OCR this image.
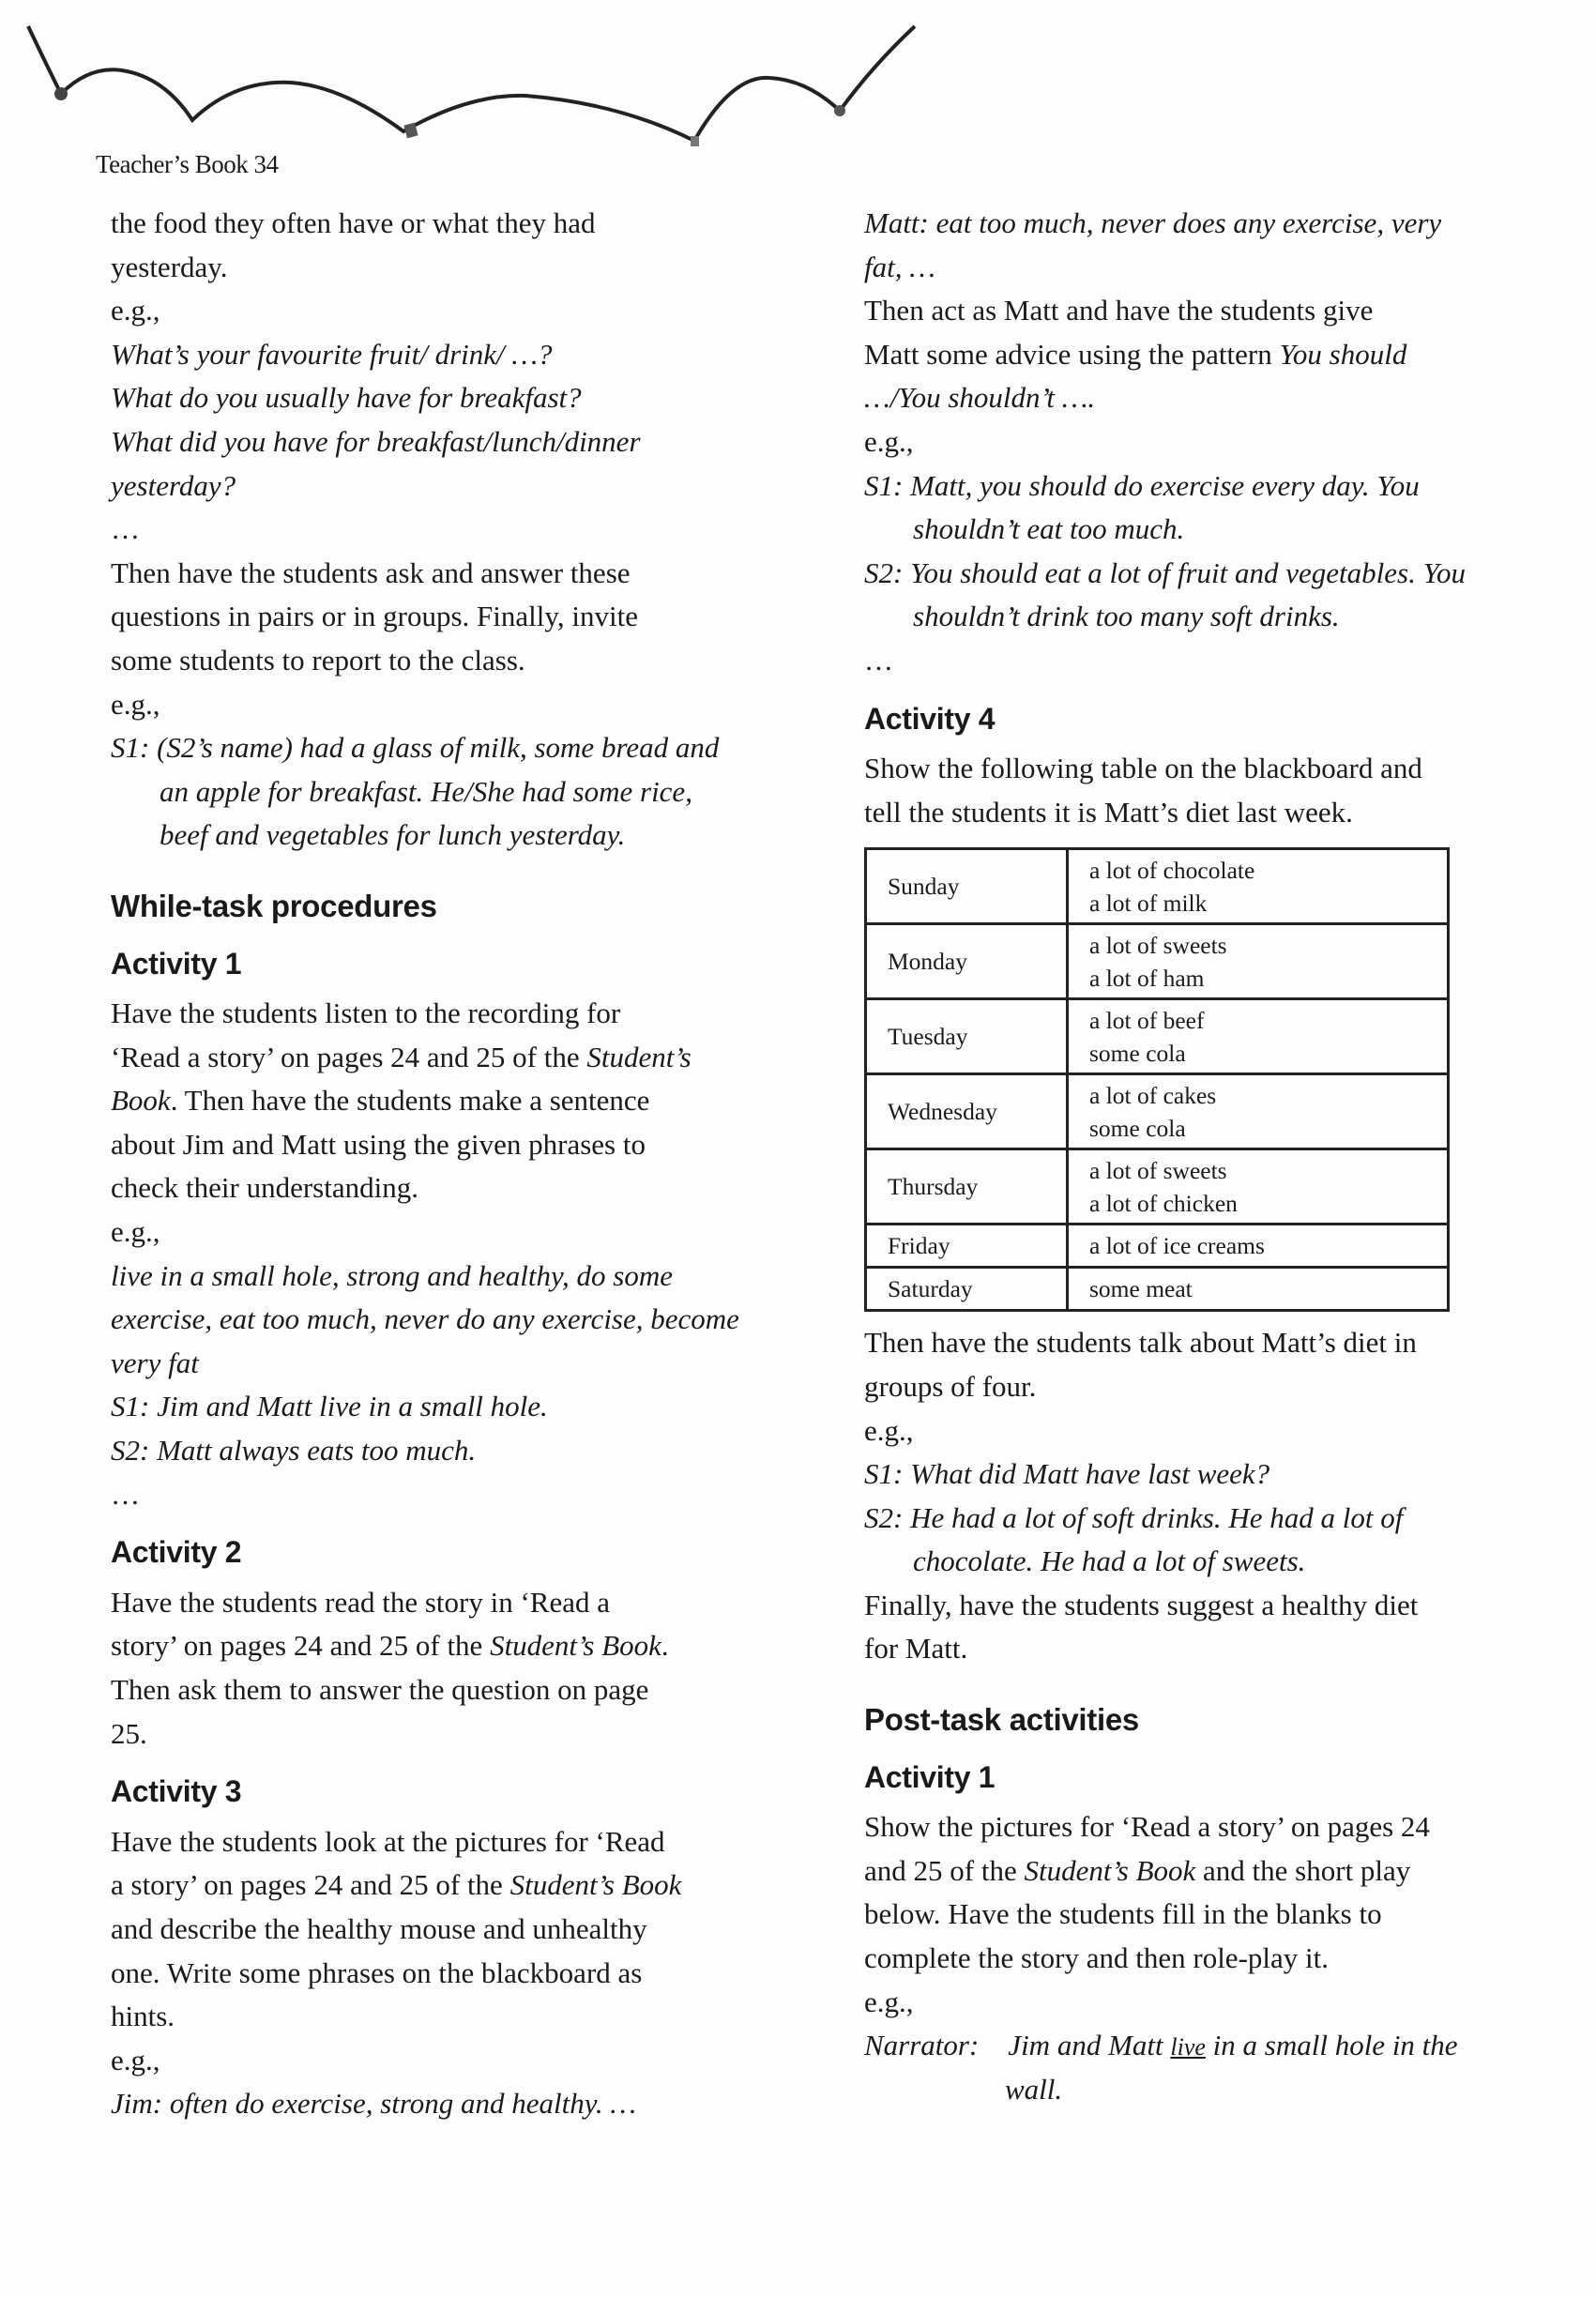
Teacher’s Book 34
the food they often have or what they had
yesterday.
e.g.,
What’s your favourite fruit/ drink/ …?
What do you usually have for breakfast?
What did you have for breakfast/lunch/dinner
yesterday?
…
Then have the students ask and answer these
questions in pairs or in groups. Finally, invite
some students to report to the class.
e.g.,
S1: (S2’s name) had a glass of milk, some bread and
an apple for breakfast. He/She had some rice,
beef and vegetables for lunch yesterday.
While-task procedures
Activity 1
Have the students listen to the recording for
‘Read a story’ on pages 24 and 25 of the Student’s
Book. Then have the students make a sentence
about Jim and Matt using the given phrases to
check their understanding.
e.g.,
live in a small hole, strong and healthy, do some
exercise, eat too much, never do any exercise, become
very fat
S1: Jim and Matt live in a small hole.
S2: Matt always eats too much.
…
Activity 2
Have the students read the story in ‘Read a
story’ on pages 24 and 25 of the Student’s Book.
Then ask them to answer the question on page
25.
Activity 3
Have the students look at the pictures for ‘Read
a story’ on pages 24 and 25 of the Student’s Book
and describe the healthy mouse and unhealthy
one. Write some phrases on the blackboard as
hints.
e.g.,
Jim: often do exercise, strong and healthy. …
Matt: eat too much, never does any exercise, very
fat, …
Then act as Matt and have the students give
Matt some advice using the pattern You should
…/You shouldn’t ….
e.g.,
S1: Matt, you should do exercise every day. You
shouldn’t eat too much.
S2: You should eat a lot of fruit and vegetables. You
shouldn’t drink too many soft drinks.
…
Activity 4
Show the following table on the blackboard and
tell the students it is Matt’s diet last week.
Sunday	a lot of chocolate
a lot of milk

Monday	a lot of sweets
a lot of ham

Tuesday	a lot of beef
some cola

Wednesday	a lot of cakes
some cola

Thursday	a lot of sweets
a lot of chicken

Friday	a lot of ice creams

Saturday	some meat
Then have the students talk about Matt’s diet in
groups of four.
e.g.,
S1: What did Matt have last week?
S2: He had a lot of soft drinks. He had a lot of
chocolate. He had a lot of sweets.
Finally, have the students suggest a healthy diet
for Matt.
Post-task activities
Activity 1
Show the pictures for ‘Read a story’ on pages 24
and 25 of the Student’s Book and the short play
below. Have the students fill in the blanks to
complete the story and then role-play it.
e.g.,
Narrator:    Jim and Matt live in a small hole in the
wall.
